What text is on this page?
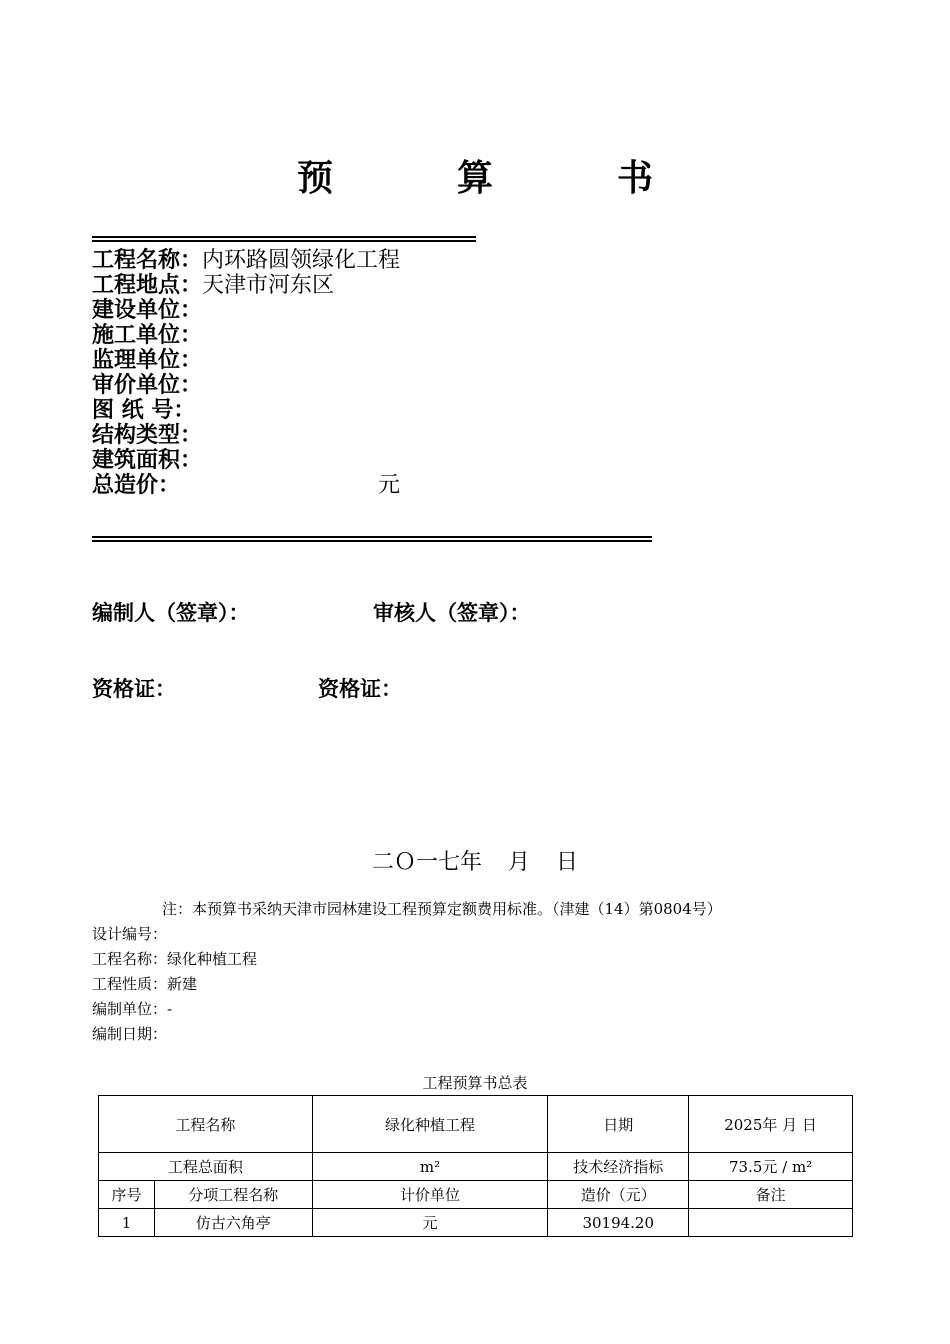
预　算　书
工程名称：内环路圆领绿化工程
工程地点：天津市河东区
建设单位：
施工单位：
监理单位：
审价单位：
图 纸 号：
结构类型：
建筑面积：
总造价：	元
编制人（签章）：	审核人（签章）：
资格证：	资格证：
二Ｏ一七年 月 日
注：本预算书采纳天津市园林建设工程预算定额费用标准。（津建（14）第0804号）
设计编号：
工程名称：绿化种植工程
工程性质：新建
编制单位：-
编制日期：
工程预算书总表
工程名称		绿化种植工程	日期	2025年 月 日
工程总面积		m²	技术经济指标	73.5元 / m²
序号	分项工程名称	计价单位	造价（元）	备注
1	仿古六角亭	元	30194.20	
